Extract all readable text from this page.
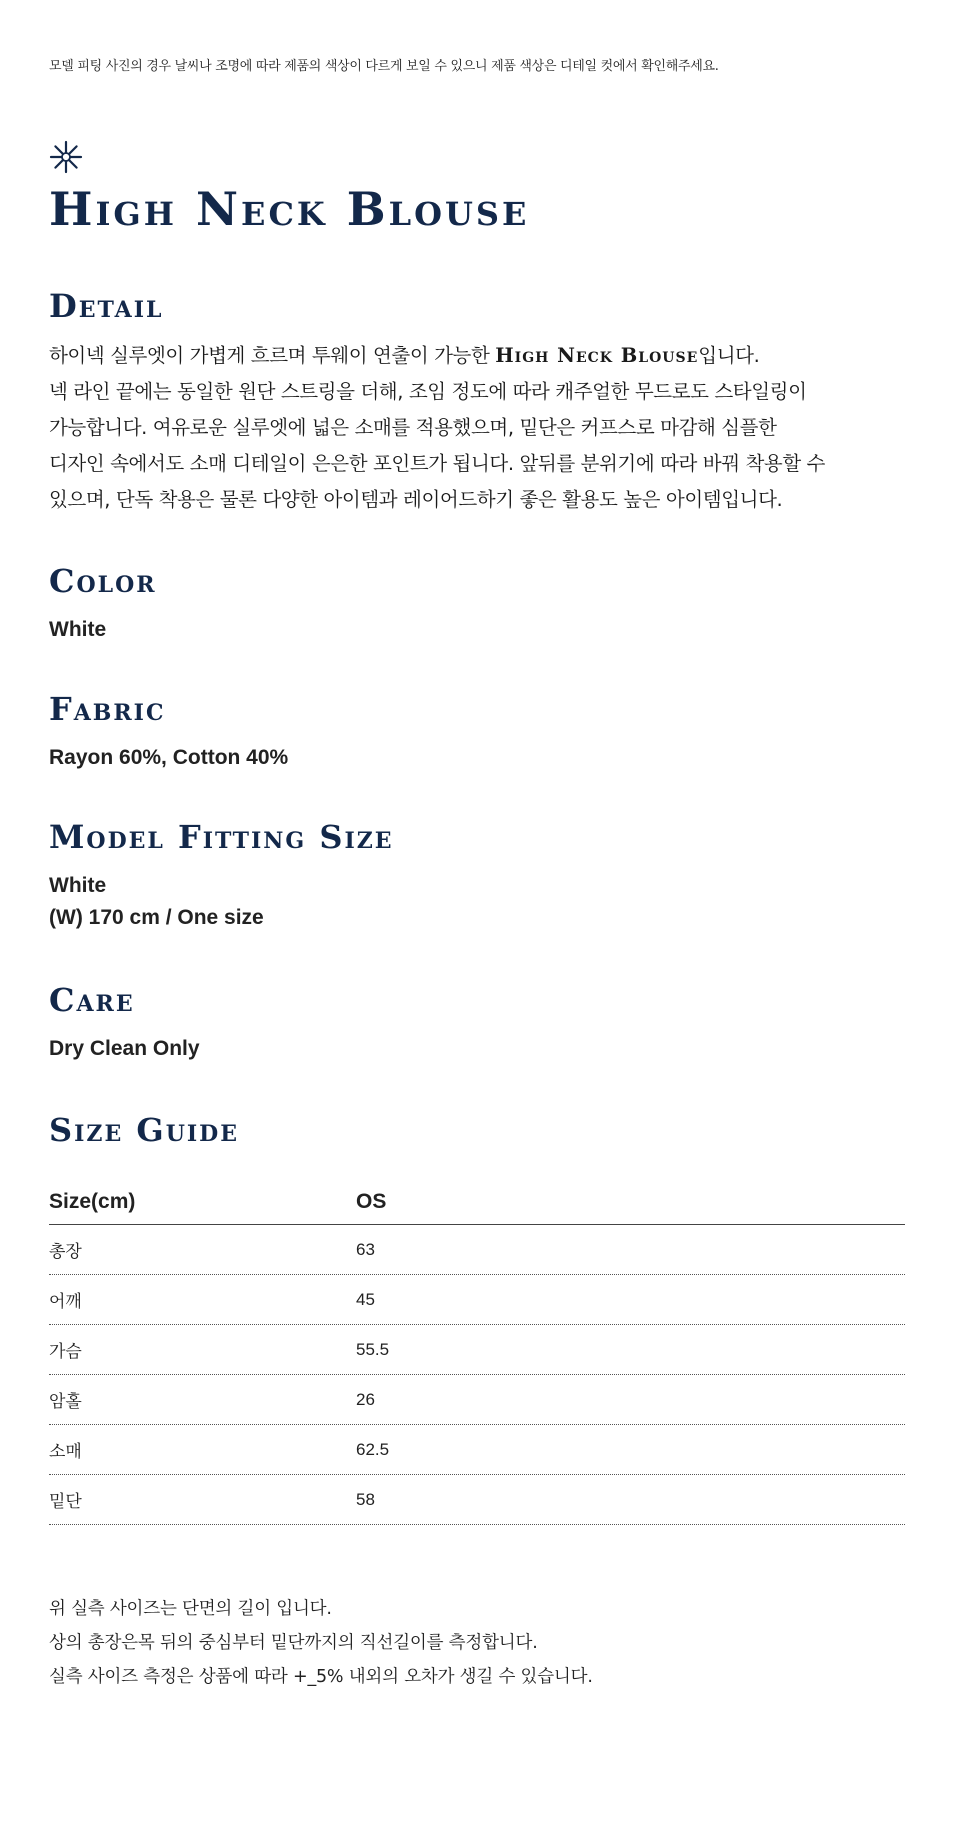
모델 피팅 사진의 경우 날씨나 조명에 따라 제품의 색상이 다르게 보일 수 있으니 제품 색상은 디테일 컷에서 확인해주세요.
High Neck Blouse
Detail
하이넥 실루엣이 가볍게 흐르며 투웨이 연출이 가능한 High Neck Blouse입니다.
넥 라인 끝에는 동일한 원단 스트링을 더해, 조임 정도에 따라 캐주얼한 무드로도 스타일링이
가능합니다. 여유로운 실루엣에 넓은 소매를 적용했으며, 밑단은 커프스로 마감해 심플한
디자인 속에서도 소매 디테일이 은은한 포인트가 됩니다. 앞뒤를 분위기에 따라 바꿔 착용할 수
있으며, 단독 착용은 물론 다양한 아이템과 레이어드하기 좋은 활용도 높은 아이템입니다.
Color
White
Fabric
Rayon 60%, Cotton 40%
Model Fitting Size
White
(W) 170 cm / One size
Care
Dry Clean Only
Size Guide
Size(cm)	OS
총장	63
어깨	45
가슴	55.5
암홀	26
소매	62.5
밑단	58
위 실측 사이즈는 단면의 길이 입니다.
상의 총장은목 뒤의 중심부터 밑단까지의 직선길이를 측정합니다.
실측 사이즈 측정은 상품에 따라 +_5% 내외의 오차가 생길 수 있습니다.
